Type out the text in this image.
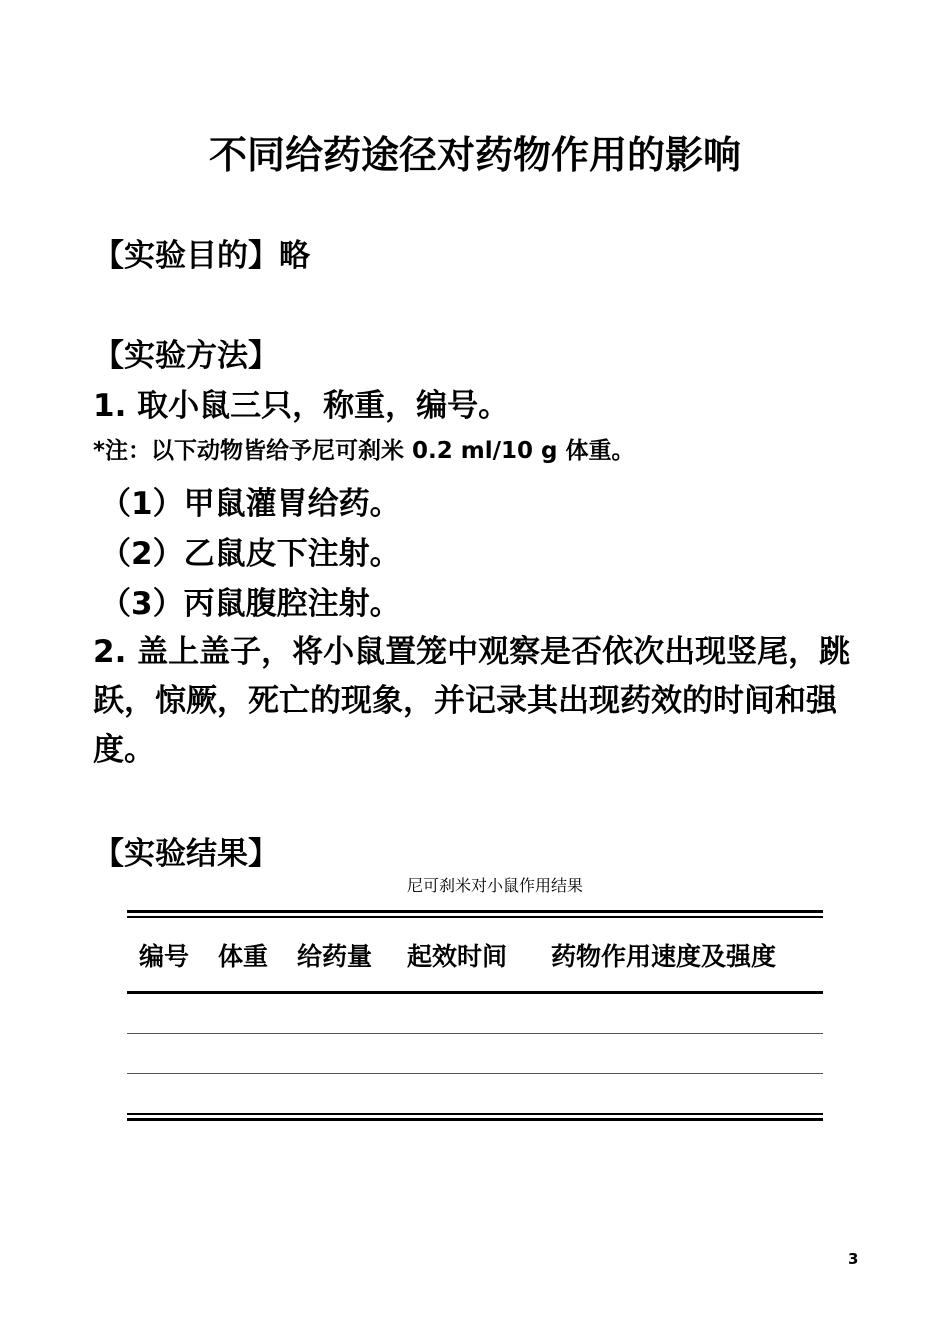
不同给药途径对药物作用的影响
【实验目的】略
【实验方法】
1. 取小鼠三只，称重，编号。
*注：以下动物皆给予尼可刹米 0.2 ml/10 g 体重。
（1）甲鼠灌胃给药。
（2）乙鼠皮下注射。
（3）丙鼠腹腔注射。
2. 盖上盖子，将小鼠置笼中观察是否依次出现竖尾，跳跃，惊厥，死亡的现象，并记录其出现药效的时间和强度。
【实验结果】
尼可刹米对小鼠作用结果
编号 体重 给药量 起效时间 药物作用速度及强度
3
